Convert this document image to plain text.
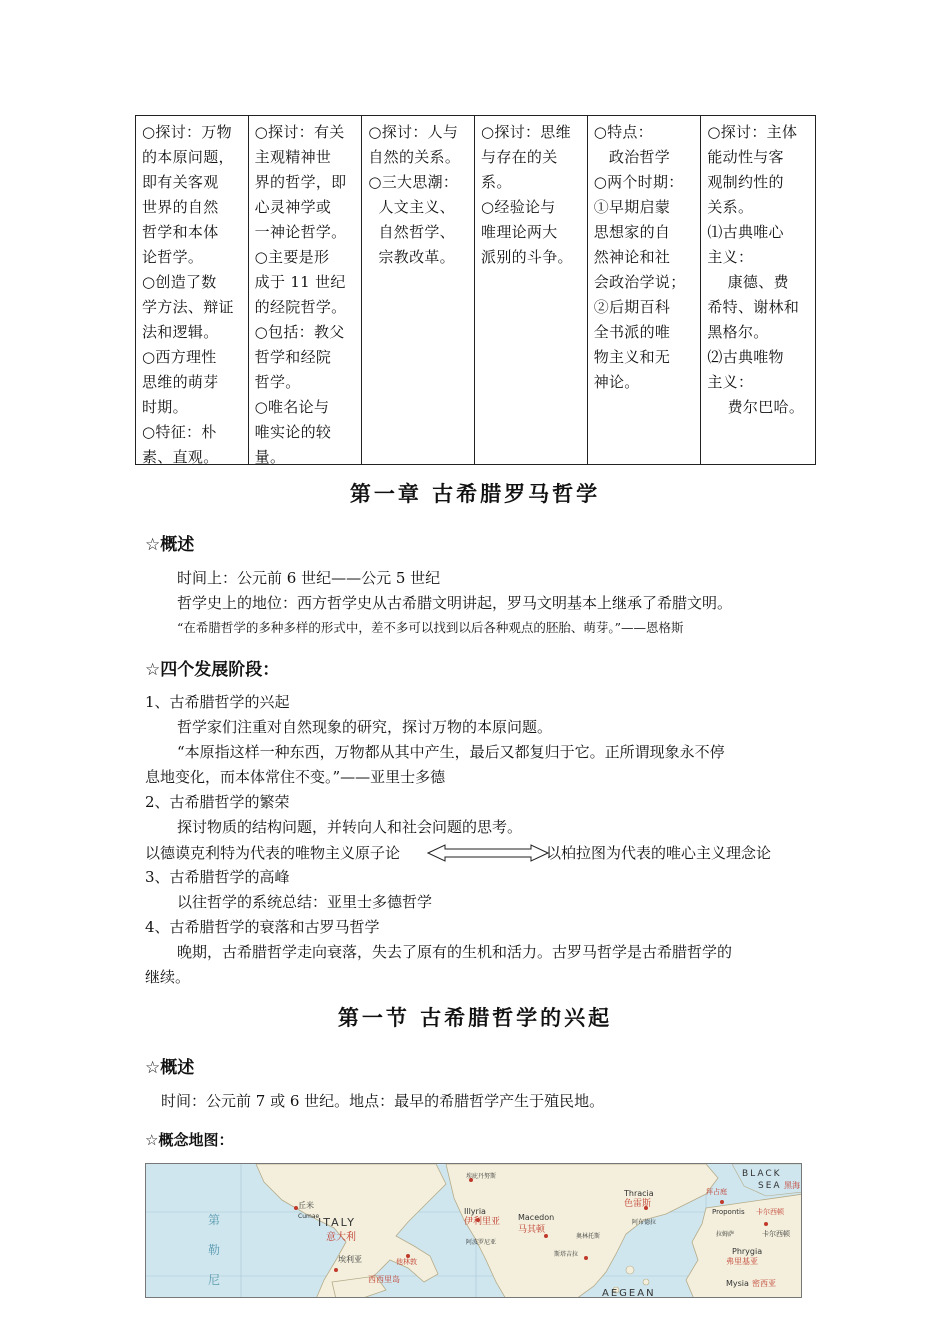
○探讨：万物
的本原问题，
即有关客观
世界的自然
哲学和本体
论哲学。
○创造了数
学方法、辩证
法和逻辑。
○西方理性
思维的萌芽
时期。
○特征：朴
素、直观。
○探讨：有关
主观精神世
界的哲学，即
心灵神学或
一神论哲学。
○主要是形
成于 11 世纪
的经院哲学。
○包括：教父
哲学和经院
哲学。
○唯名论与
唯实论的较
量。
○探讨：人与
自然的关系。
○三大思潮：
人文主义、
自然哲学、
宗教改革。
○探讨：思维
与存在的关
系。
○经验论与
唯理论两大
派别的斗争。
○特点：
政治哲学
○两个时期：
①早期启蒙
思想家的自
然神论和社
会政治学说；
②后期百科
全书派的唯
物主义和无
神论。
○探讨：主体
能动性与客
观制约性的
关系。
⑴古典唯心
主义：
康德、费
希特、谢林和
黑格尔。
⑵古典唯物
主义：
费尔巴哈。
第一章 古希腊罗马哲学
☆概述
时间上：公元前 6 世纪——公元 5 世纪
哲学史上的地位：西方哲学史从古希腊文明讲起，罗马文明基本上继承了希腊文明。
“在希腊哲学的多种多样的形式中，差不多可以找到以后各种观点的胚胎、萌芽。”——恩格斯
☆四个发展阶段：
1、古希腊哲学的兴起
哲学家们注重对自然现象的研究，探讨万物的本原问题。
“本原指这样一种东西，万物都从其中产生，最后又都复归于它。正所谓现象永不停
息地变化，而本体常住不变。”——亚里士多德
2、古希腊哲学的繁荣
探讨物质的结构问题，并转向人和社会问题的思考。
以德谟克利特为代表的唯物主义原子论	以柏拉图为代表的唯心主义理念论
3、古希腊哲学的高峰
以往哲学的系统总结：亚里士多德哲学
4、古希腊哲学的衰落和古罗马哲学
晚期，古希腊哲学走向衰落，失去了原有的生机和活力。古罗马哲学是古希腊哲学的
继续。
第一节 古希腊哲学的兴起
☆概述
时间：公元前 7 或 6 世纪。地点：最早的希腊哲学产生于殖民地。
☆概念地图：
BLACK
SEA 黑海
ITALY
意大利
丘米
Cumae
埃利亚
西西里岛
他林敦
第
勒
尼
Illyria
伊利里亚 Macedon
马其顿
Thracia
色雷斯
AEGEAN
埃庇丹努斯
阿波罗尼亚
奥林托斯
斯塔吉拉
阿布德拉
Propontis 卡尔西顿
拜占庭
卡尔西顿
拉姆萨
Phrygia
弗里基亚
Mysia 密西亚
